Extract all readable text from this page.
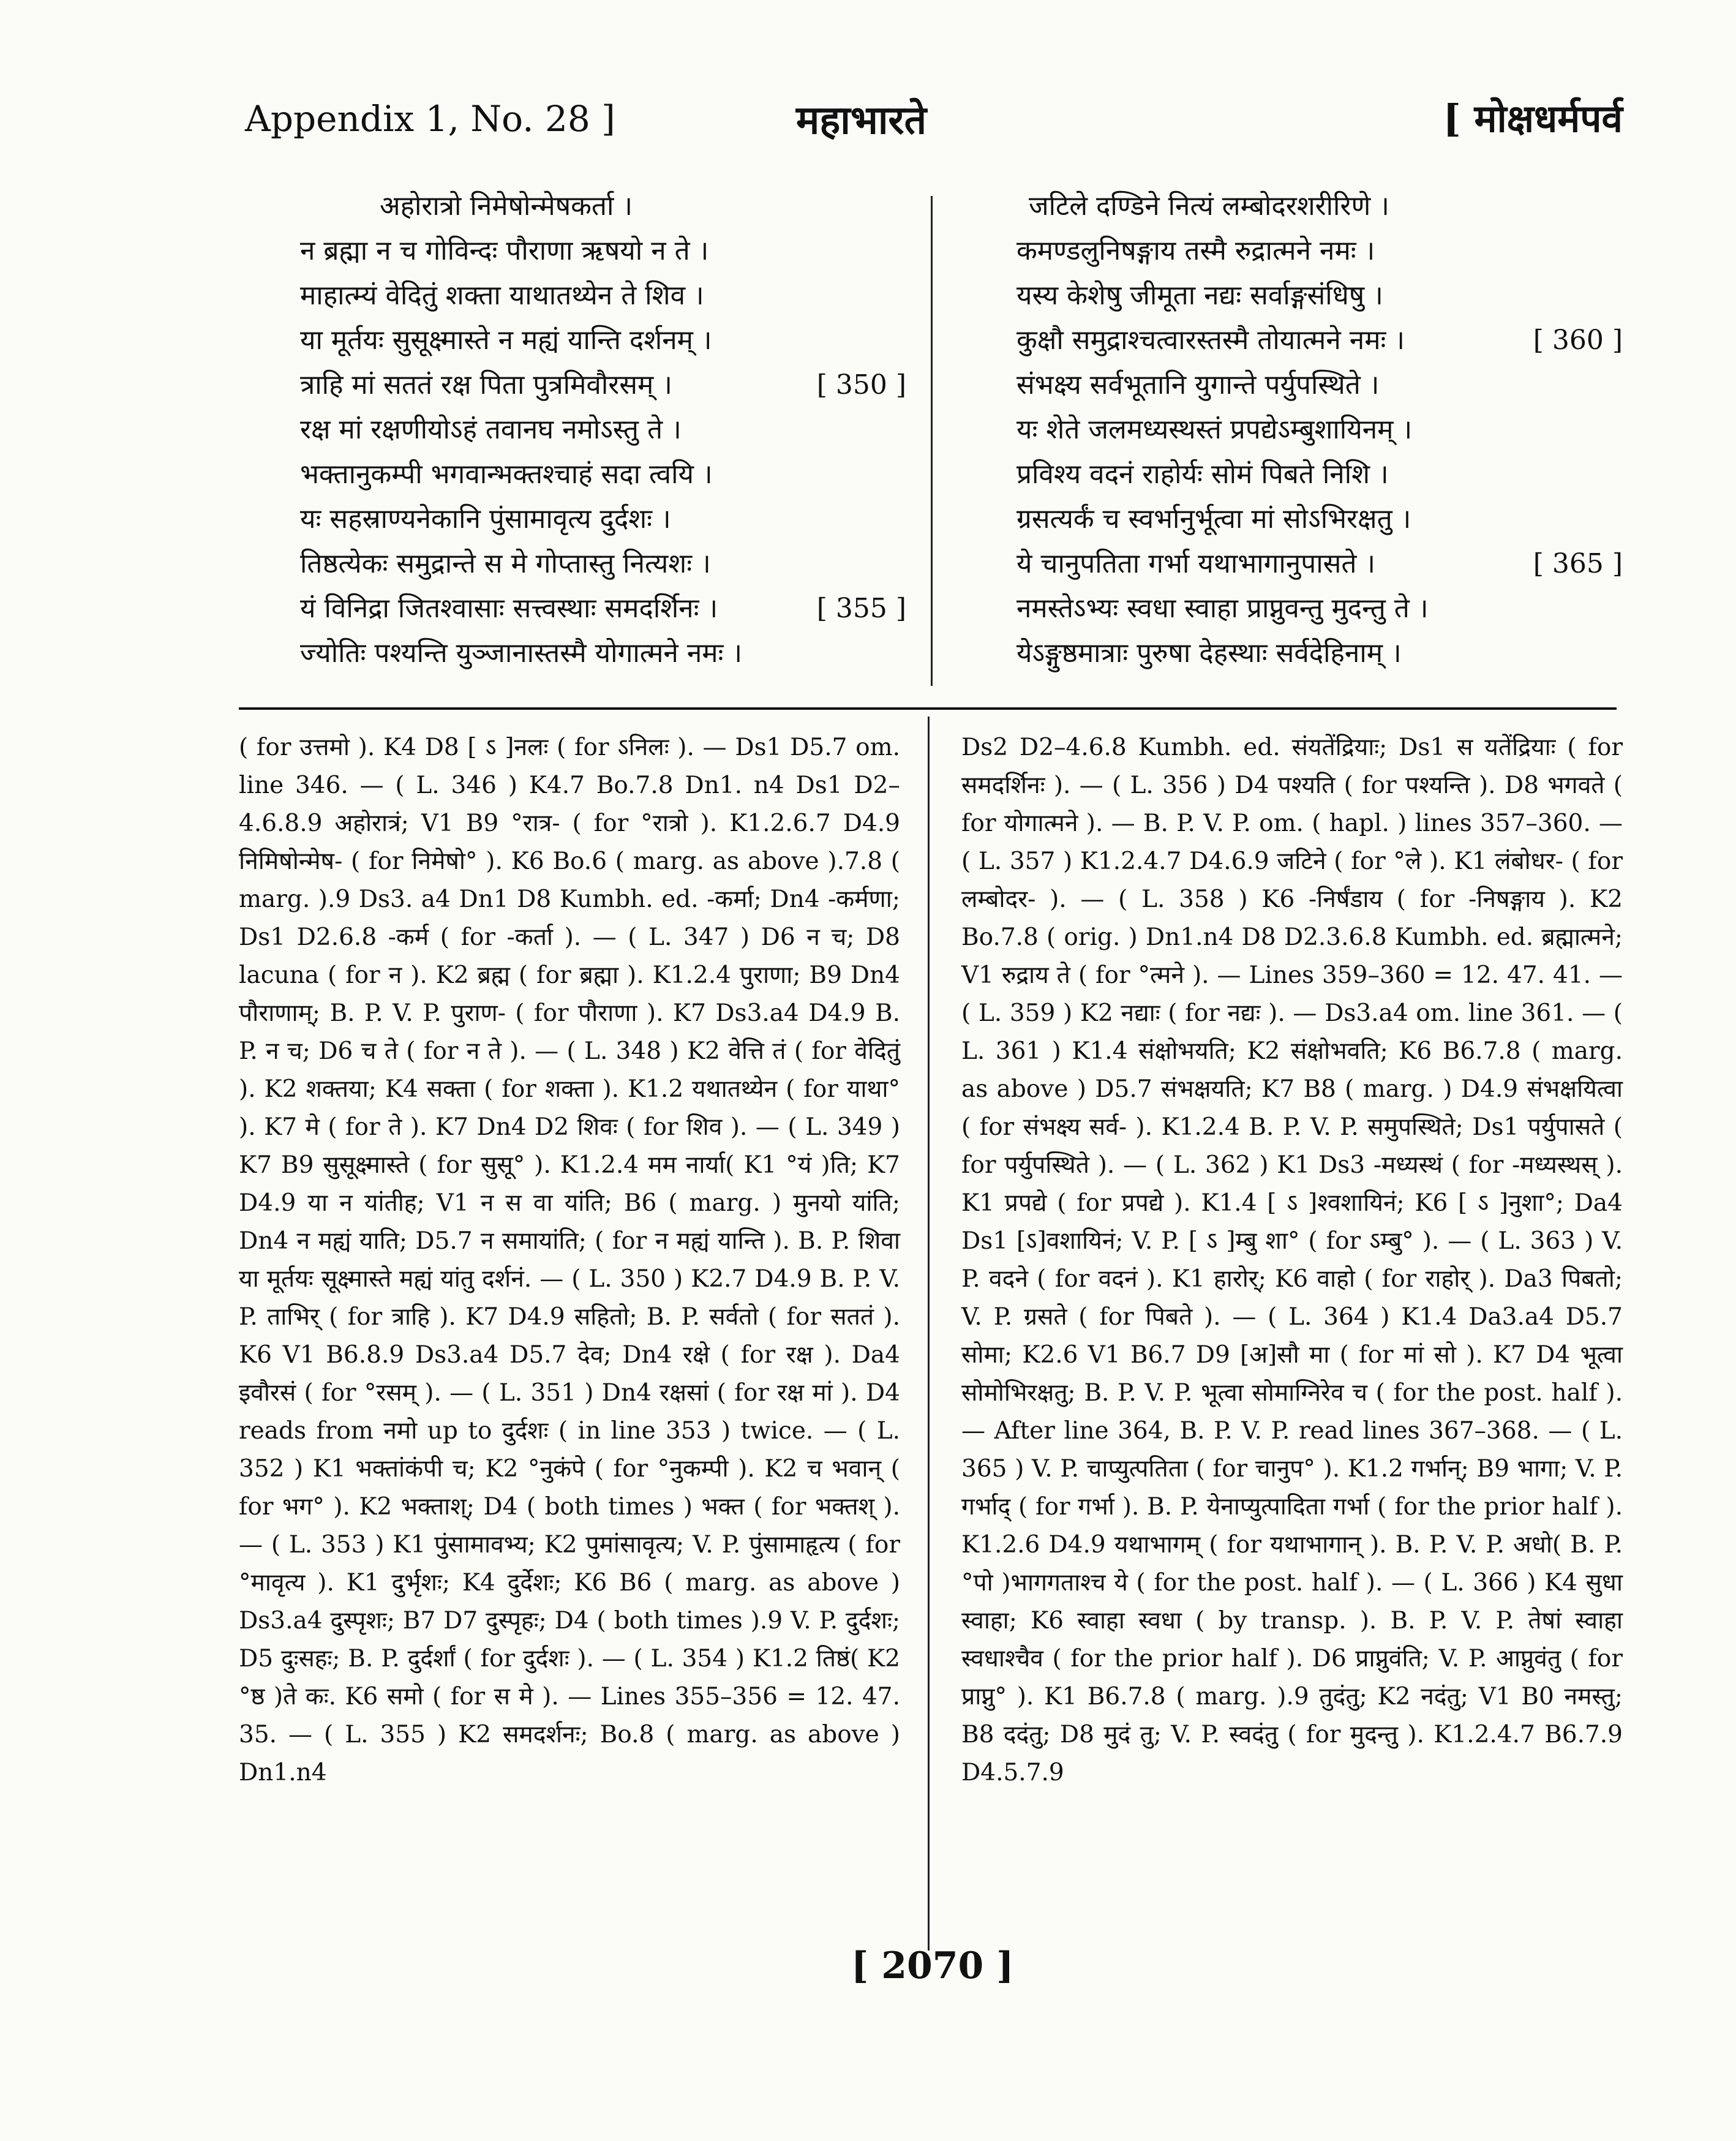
Appendix 1, No. 28 ]	महाभारते	[ मोक्षधर्मपर्व
अहोरात्रो निमेषोन्मेषकर्ता ।
न ब्रह्मा न च गोविन्दः पौराणा ऋषयो न ते ।
माहात्म्यं वेदितुं शक्ता याथातथ्येन ते शिव ।
या मूर्तयः सुसूक्ष्मास्ते न मह्यं यान्ति दर्शनम् ।
त्राहि मां सततं रक्ष पिता पुत्रमिवौरसम् ।	[ 350 ]
रक्ष मां रक्षणीयोऽहं तवानघ नमोऽस्तु ते ।
भक्तानुकम्पी भगवान्भक्तश्चाहं सदा त्वयि ।
यः सहस्राण्यनेकानि पुंसामावृत्य दुर्दशः ।
तिष्ठत्येकः समुद्रान्ते स मे गोप्तास्तु नित्यशः ।
यं विनिद्रा जितश्वासाः सत्त्वस्थाः समदर्शिनः ।	[ 355 ]
ज्योतिः पश्यन्ति युञ्जानास्तस्मै योगात्मने नमः ।
जटिले दण्डिने नित्यं लम्बोदरशरीरिणे ।
कमण्डलुनिषङ्गाय तस्मै रुद्रात्मने नमः ।
यस्य केशेषु जीमूता नद्यः सर्वाङ्गसंधिषु ।
कुक्षौ समुद्राश्चत्वारस्तस्मै तोयात्मने नमः ।	[ 360 ]
संभक्ष्य सर्वभूतानि युगान्ते पर्युपस्थिते ।
यः शेते जलमध्यस्थस्तं प्रपद्येऽम्बुशायिनम् ।
प्रविश्य वदनं राहोर्यः सोमं पिबते निशि ।
ग्रसत्यर्कं च स्वर्भानुर्भूत्वा मां सोऽभिरक्षतु ।
ये चानुपतिता गर्भा यथाभागानुपासते ।	[ 365 ]
नमस्तेऽभ्यः स्वधा स्वाहा प्राप्नुवन्तु मुदन्तु ते ।
येऽङ्गुष्ठमात्राः पुरुषा देहस्थाः सर्वदेहिनाम् ।

( for उत्तमो ). K4 D8 [ ऽ ]नलः ( for ऽनिलः ). — Ds1 D5.7 om. line 346. — ( L. 346 ) K4.7 Bo.7.8 Dn1. n4 Ds1 D2–4.6.8.9 अहोरात्रं; V1 B9 °रात्र- ( for °रात्रो ). K1.2.6.7 D4.9 निमिषोन्मेष- ( for निमेषो° ). K6 Bo.6 ( marg. as above ).7.8 ( marg. ).9 Ds3. a4 Dn1 D8 Kumbh. ed. -कर्मा; Dn4 -कर्मणा; Ds1 D2.6.8 -कर्म ( for -कर्ता ). — ( L. 347 ) D6 न च; D8 lacuna ( for न ). K2 ब्रह्म ( for ब्रह्मा ). K1.2.4 पुराणा; B9 Dn4 पौराणाम्; B. P. V. P. पुराण- ( for पौराणा ). K7 Ds3.a4 D4.9 B. P. न च; D6 च ते ( for न ते ). — ( L. 348 ) K2 वेत्ति तं ( for वेदितुं ). K2 शक्तया; K4 सक्ता ( for शक्ता ). K1.2 यथातथ्येन ( for याथा° ). K7 मे ( for ते ). K7 Dn4 D2 शिवः ( for शिव ). — ( L. 349 ) K7 B9 सुसूक्ष्मास्ते ( for सुसू° ). K1.2.4 मम नार्या( K1 °यं )ति; K7 D4.9 या न यांतीह; V1 न स वा यांति; B6 ( marg. ) मुनयो यांति; Dn4 न मह्यं याति; D5.7 न समायांति; ( for न मह्यं यान्ति ). B. P. शिवा या मूर्तयः सूक्ष्मास्ते मह्यं यांतु दर्शनं. — ( L. 350 ) K2.7 D4.9 B. P. V. P. ताभिर् ( for त्राहि ). K7 D4.9 सहितो; B. P. सर्वतो ( for सततं ). K6 V1 B6.8.9 Ds3.a4 D5.7 देव; Dn4 रक्षे ( for रक्ष ). Da4 इवौरसं ( for °रसम् ). — ( L. 351 ) Dn4 रक्षसां ( for रक्ष मां ). D4 reads from नमो up to दुर्दशः ( in line 353 ) twice. — ( L. 352 ) K1 भक्तांकंपी च; K2 °नुकंपे ( for °नुकम्पी ). K2 च भवान् ( for भग° ). K2 भक्ताश्; D4 ( both times ) भक्त ( for भक्तश् ). — ( L. 353 ) K1 पुंसामावभ्य; K2 पुमांसावृत्य; V. P. पुंसामाहृत्य ( for °मावृत्य ). K1 दुर्भृशः; K4 दुर्देशः; K6 B6 ( marg. as above ) Ds3.a4 दुस्पृशः; B7 D7 दुस्पृहः; D4 ( both times ).9 V. P. दुर्दशः; D5 दुःसहः; B. P. दुर्दर्शां ( for दुर्दशः ). — ( L. 354 ) K1.2 तिष्ठं( K2 °ष्ठ )ते कः. K6 समो ( for स मे ). — Lines 355–356 = 12. 47. 35. — ( L. 355 ) K2 समदर्शनः; Bo.8 ( marg. as above ) Dn1.n4

Ds2 D2–4.6.8 Kumbh. ed. संयतेंद्रियाः; Ds1 स यतेंद्रियाः ( for समदर्शिनः ). — ( L. 356 ) D4 पश्यति ( for पश्यन्ति ). D8 भगवते ( for योगात्मने ). — B. P. V. P. om. ( hapl. ) lines 357–360. — ( L. 357 ) K1.2.4.7 D4.6.9 जटिने ( for °ले ). K1 लंबोधर- ( for लम्बोदर- ). — ( L. 358 ) K6 -निर्षंडाय ( for -निषङ्गाय ). K2 Bo.7.8 ( orig. ) Dn1.n4 D8 D2.3.6.8 Kumbh. ed. ब्रह्मात्मने; V1 रुद्राय ते ( for °त्मने ). — Lines 359–360 = 12. 47. 41. — ( L. 359 ) K2 नद्याः ( for नद्यः ). — Ds3.a4 om. line 361. — ( L. 361 ) K1.4 संक्षोभयति; K2 संक्षोभवति; K6 B6.7.8 ( marg. as above ) D5.7 संभक्षयति; K7 B8 ( marg. ) D4.9 संभक्षयित्वा ( for संभक्ष्य सर्व- ). K1.2.4 B. P. V. P. समुपस्थिते; Ds1 पर्युपासते ( for पर्युपस्थिते ). — ( L. 362 ) K1 Ds3 -मध्यस्थं ( for -मध्यस्थस् ). K1 प्रपद्ये ( for प्रपद्ये ). K1.4 [ ऽ ]श्वशायिनं; K6 [ ऽ ]नुशा°; Da4 Ds1 [ऽ]वशायिनं; V. P. [ ऽ ]म्बु शा° ( for ऽम्बु° ). — ( L. 363 ) V. P. वदने ( for वदनं ). K1 हारोर्; K6 वाहो ( for राहोर् ). Da3 पिबतो; V. P. ग्रसते ( for पिबते ). — ( L. 364 ) K1.4 Da3.a4 D5.7 सोमा; K2.6 V1 B6.7 D9 [अ]सौ मा ( for मां सो ). K7 D4 भूत्वा सोमोभिरक्षतु; B. P. V. P. भूत्वा सोमाग्निरेव च ( for the post. half ). — After line 364, B. P. V. P. read lines 367–368. — ( L. 365 ) V. P. चाप्युत्पतिता ( for चानुप° ). K1.2 गर्भान्; B9 भागा; V. P. गर्भाद् ( for गर्भा ). B. P. येनाप्युत्पादिता गर्भा ( for the prior half ). K1.2.6 D4.9 यथाभागम् ( for यथाभागान् ). B. P. V. P. अधो( B. P. °पो )भागगताश्च ये ( for the post. half ). — ( L. 366 ) K4 सुधा स्वाहा; K6 स्वाहा स्वधा ( by transp. ). B. P. V. P. तेषां स्वाहा स्वधाश्चैव ( for the prior half ). D6 प्राप्नुवंति; V. P. आप्नुवंतु ( for प्राप्नु° ). K1 B6.7.8 ( marg. ).9 तुदंतु; K2 नदंतु; V1 B0 नमस्तु; B8 ददंतु; D8 मुदं तु; V. P. स्वदंतु ( for मुदन्तु ). K1.2.4.7 B6.7.9 D4.5.7.9

[ 2070 ]
